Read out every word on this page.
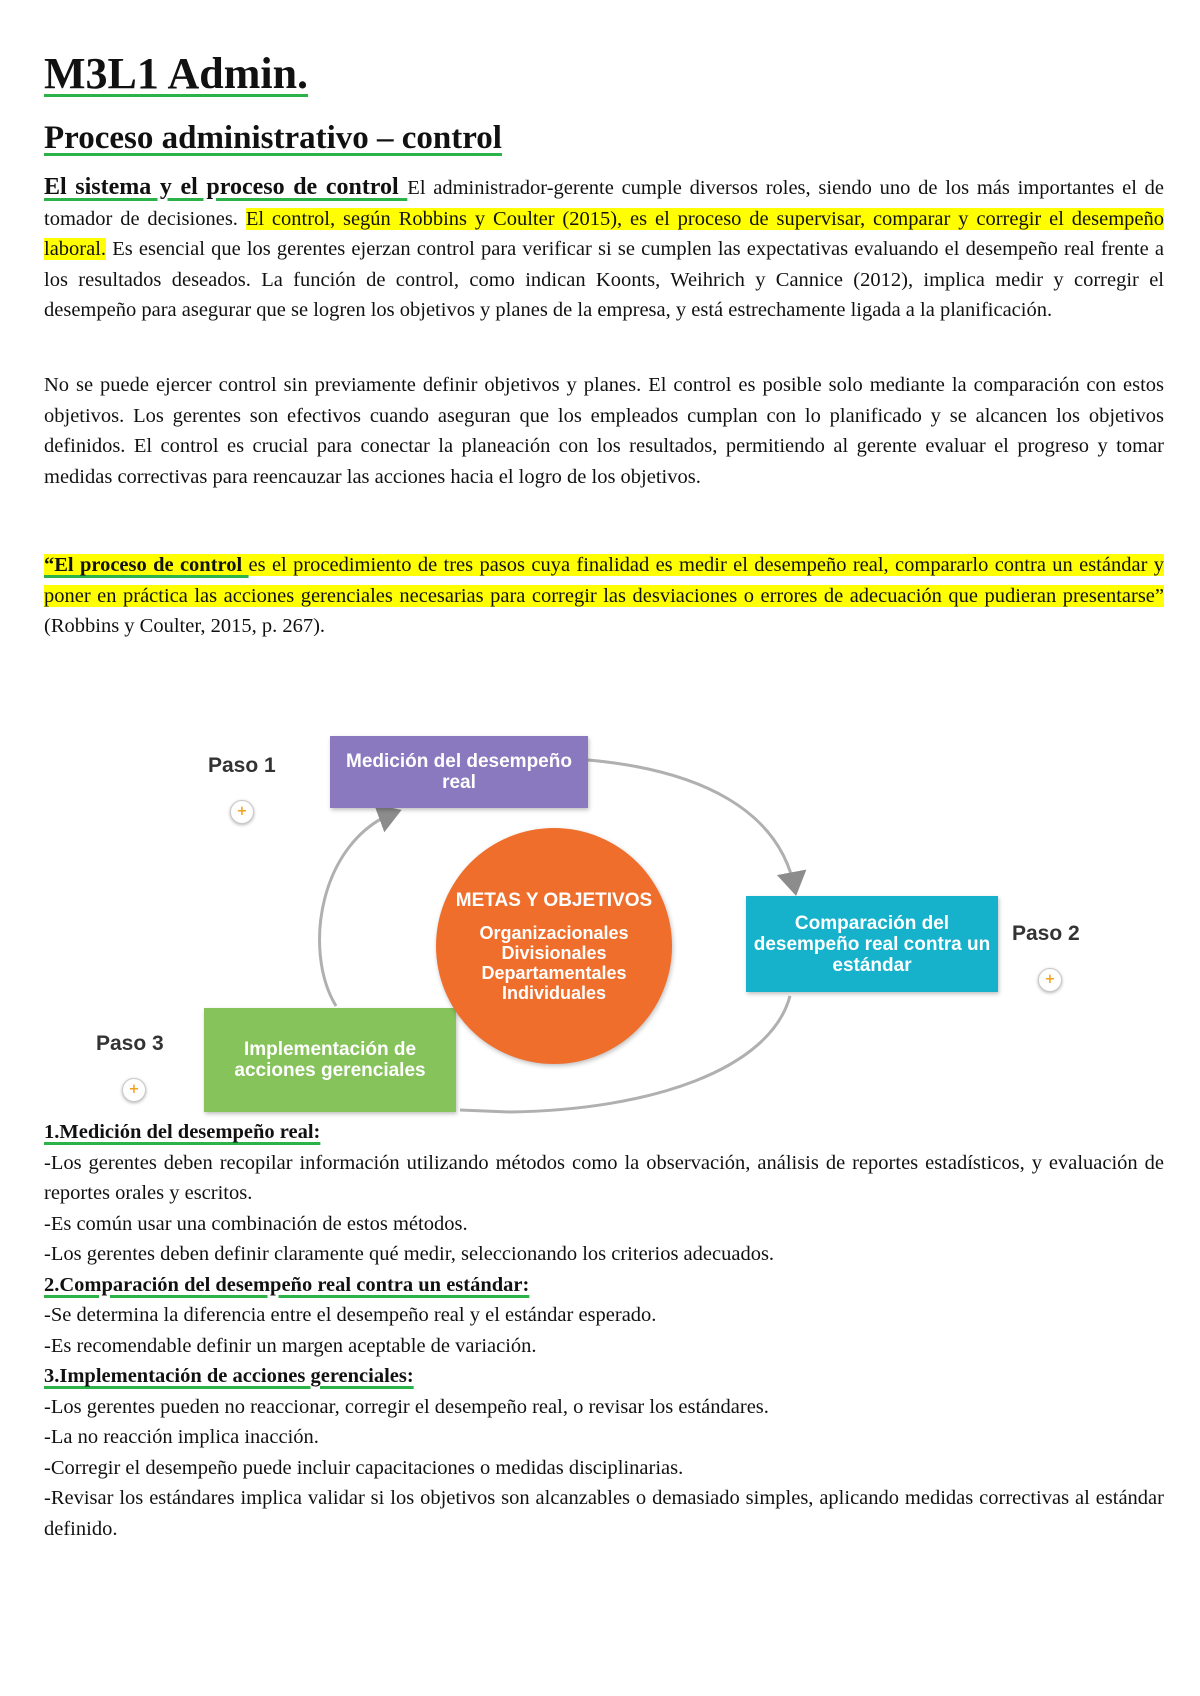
M3L1 Admin.
Proceso administrativo – control

El sistema y el proceso de control El administrador-gerente cumple diversos roles, siendo uno de los más importantes el de tomador de decisiones. El control, según Robbins y Coulter (2015), es el proceso de supervisar, comparar y corregir el desempeño laboral. Es esencial que los gerentes ejerzan control para verificar si se cumplen las expectativas evaluando el desempeño real frente a los resultados deseados. La función de control, como indican Koonts, Weihrich y Cannice (2012), implica medir y corregir el desempeño para asegurar que se logren los objetivos y planes de la empresa, y está estrechamente ligada a la planificación.

No se puede ejercer control sin previamente definir objetivos y planes. El control es posible solo mediante la comparación con estos objetivos. Los gerentes son efectivos cuando aseguran que los empleados cumplan con lo planificado y se alcancen los objetivos definidos. El control es crucial para conectar la planeación con los resultados, permitiendo al gerente evaluar el progreso y tomar medidas correctivas para reencauzar las acciones hacia el logro de los objetivos.

“El proceso de control es el procedimiento de tres pasos cuya finalidad es medir el desempeño real, compararlo contra un estándar y poner en práctica las acciones gerenciales necesarias para corregir las desviaciones o errores de adecuación que pudieran presentarse” (Robbins y Coulter, 2015, p. 267).

Paso 1
+
Medición del desempeño real
Paso 2
+
Comparación del desempeño real contra un estándar
Paso 3
+
Implementación de acciones gerenciales
METAS Y OBJETIVOS
Organizacionales
Divisionales
Departamentales
Individuales

1.Medición del desempeño real:

-Los gerentes deben recopilar información utilizando métodos como la observación, análisis de reportes estadísticos, y evaluación de reportes orales y escritos.

-Es común usar una combinación de estos métodos.

-Los gerentes deben definir claramente qué medir, seleccionando los criterios adecuados.

2.Comparación del desempeño real contra un estándar:

-Se determina la diferencia entre el desempeño real y el estándar esperado.

-Es recomendable definir un margen aceptable de variación.

3.Implementación de acciones gerenciales:

-Los gerentes pueden no reaccionar, corregir el desempeño real, o revisar los estándares.

-La no reacción implica inacción.

-Corregir el desempeño puede incluir capacitaciones o medidas disciplinarias.

-Revisar los estándares implica validar si los objetivos son alcanzables o demasiado simples, aplicando medidas correctivas al estándar definido.
